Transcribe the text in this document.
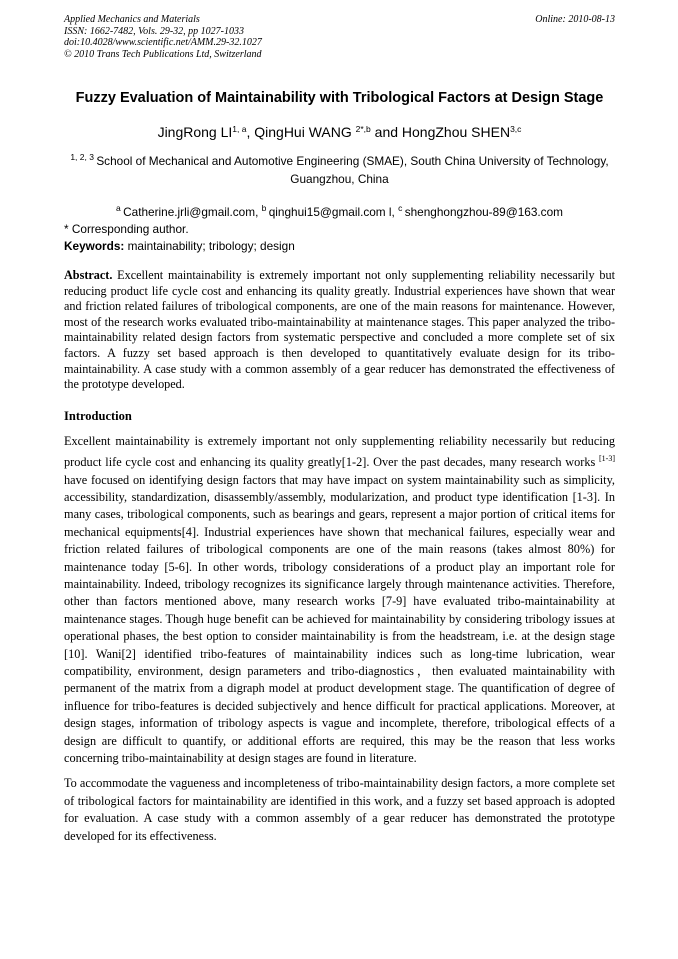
Applied Mechanics and Materials
ISSN: 1662-7482, Vols. 29-32, pp 1027-1033
doi:10.4028/www.scientific.net/AMM.29-32.1027
© 2010 Trans Tech Publications Ltd, Switzerland
Online: 2010-08-13
Fuzzy Evaluation of Maintainability with Tribological Factors at Design Stage
JingRong LI$^{1, a}$, QingHui WANG $^{2*,b}$ and HongZhou SHEN$^{3,c}$
$^{1, 2, 3}$ School of Mechanical and Automotive Engineering (SMAE), South China University of Technology, Guangzhou, China
$^a$ Catherine.jrli@gmail.com, $^b$ qinghui15@gmail.com l, $^c$ shenghongzhou-89@163.com
* Corresponding author.
Keywords: maintainability; tribology; design
Abstract. Excellent maintainability is extremely important not only supplementing reliability necessarily but reducing product life cycle cost and enhancing its quality greatly. Industrial experiences have shown that wear and friction related failures of tribological components, are one of the main reasons for maintenance. However, most of the research works evaluated tribo-maintainability at maintenance stages. This paper analyzed the tribo-maintainability related design factors from systematic perspective and concluded a more complete set of six factors. A fuzzy set based approach is then developed to quantitatively evaluate design for its tribo-maintainability. A case study with a common assembly of a gear reducer has demonstrated the effectiveness of the prototype developed.
Introduction
Excellent maintainability is extremely important not only supplementing reliability necessarily but reducing product life cycle cost and enhancing its quality greatly[1-2]. Over the past decades, many research works [1-3] have focused on identifying design factors that may have impact on system maintainability such as simplicity, accessibility, standardization, disassembly/assembly, modularization, and product type identification [1-3]. In many cases, tribological components, such as bearings and gears, represent a major portion of critical items for mechanical equipments[4]. Industrial experiences have shown that mechanical failures, especially wear and friction related failures of tribological components are one of the main reasons (takes almost 80%) for maintenance today [5-6]. In other words, tribology considerations of a product play an important role for maintainability. Indeed, tribology recognizes its significance largely through maintenance activities. Therefore, other than factors mentioned above, many research works [7-9] have evaluated tribo-maintainability at maintenance stages. Though huge benefit can be achieved for maintainability by considering tribology issues at operational phases, the best option to consider maintainability is from the headstream, i.e. at the design stage [10]. Wani[2] identified tribo-features of maintainability indices such as long-time lubrication, wear compatibility, environment, design parameters and tribo-diagnostics，then evaluated maintainability with permanent of the matrix from a digraph model at product development stage. The quantification of degree of influence for tribo-features is decided subjectively and hence difficult for practical applications. Moreover, at design stages, information of tribology aspects is vague and incomplete, therefore, tribological effects of a design are difficult to quantify, or additional efforts are required, this may be the reason that less works concerning tribo-maintainability at design stages are found in literature.
To accommodate the vagueness and incompleteness of tribo-maintainability design factors, a more complete set of tribological factors for maintainability are identified in this work, and a fuzzy set based approach is adopted for evaluation. A case study with a common assembly of a gear reducer has demonstrated the prototype developed for its effectiveness.
